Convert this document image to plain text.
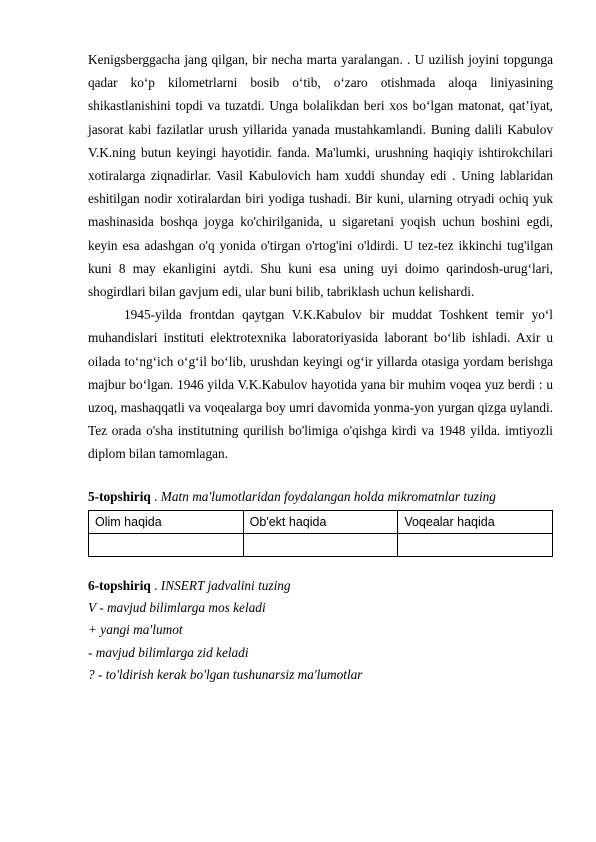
Kenigsberggacha jang qilgan, bir necha marta yaralangan. . U uzilish joyini topgunga qadar ko‘p kilometrlarni bosib o‘tib, o‘zaro otishmada aloqa liniyasining shikastlanishini topdi va tuzatdi. Unga bolalikdan beri xos bo‘lgan matonat, qat’iyat, jasorat kabi fazilatlar urush yillarida yanada mustahkamlandi. Buning dalili Kabulov V.K.ning butun keyingi hayotidir. fanda. Ma'lumki, urushning haqiqiy ishtirokchilari xotiralarga ziqnadirlar. Vasil Kabulovich ham xuddi shunday edi . Uning lablaridan eshitilgan nodir xotiralardan biri yodiga tushadi. Bir kuni, ularning otryadi ochiq yuk mashinasida boshqa joyga ko'chirilganida, u sigaretani yoqish uchun boshini egdi, keyin esa adashgan o'q yonida o'tirgan o'rtog'ini o'ldirdi. U tez-tez ikkinchi tug'ilgan kuni 8 may ekanligini aytdi. Shu kuni esa uning uyi doimo qarindosh-urug‘lari, shogirdlari bilan gavjum edi, ular buni bilib, tabriklash uchun kelishardi.

1945-yilda frontdan qaytgan V.K.Kabulov bir muddat Toshkent temir yo‘l muhandislari instituti elektrotexnika laboratoriyasida laborant bo‘lib ishladi. Axir u oilada to‘ng‘ich o‘g‘il bo‘lib, urushdan keyingi og‘ir yillarda otasiga yordam berishga majbur bo‘lgan. 1946 yilda V.K.Kabulov hayotida yana bir muhim voqea yuz berdi : u uzoq, mashaqqatli va voqealarga boy umri davomida yonma-yon yurgan qizga uylandi. Tez orada o'sha institutning qurilish bo'limiga o'qishga kirdi va 1948 yilda. imtiyozli diplom bilan tamomlagan.

5-topshiriq . Matn ma'lumotlaridan foydalangan holda mikromatnlar tuzing

Olim haqida	Ob'ekt haqida	Voqealar haqida

6-topshiriq . INSERT jadvalini tuzing

V - mavjud bilimlarga mos keladi

+ yangi ma'lumot

- mavjud bilimlarga zid keladi

? - to'ldirish kerak bo'lgan tushunarsiz ma'lumotlar
